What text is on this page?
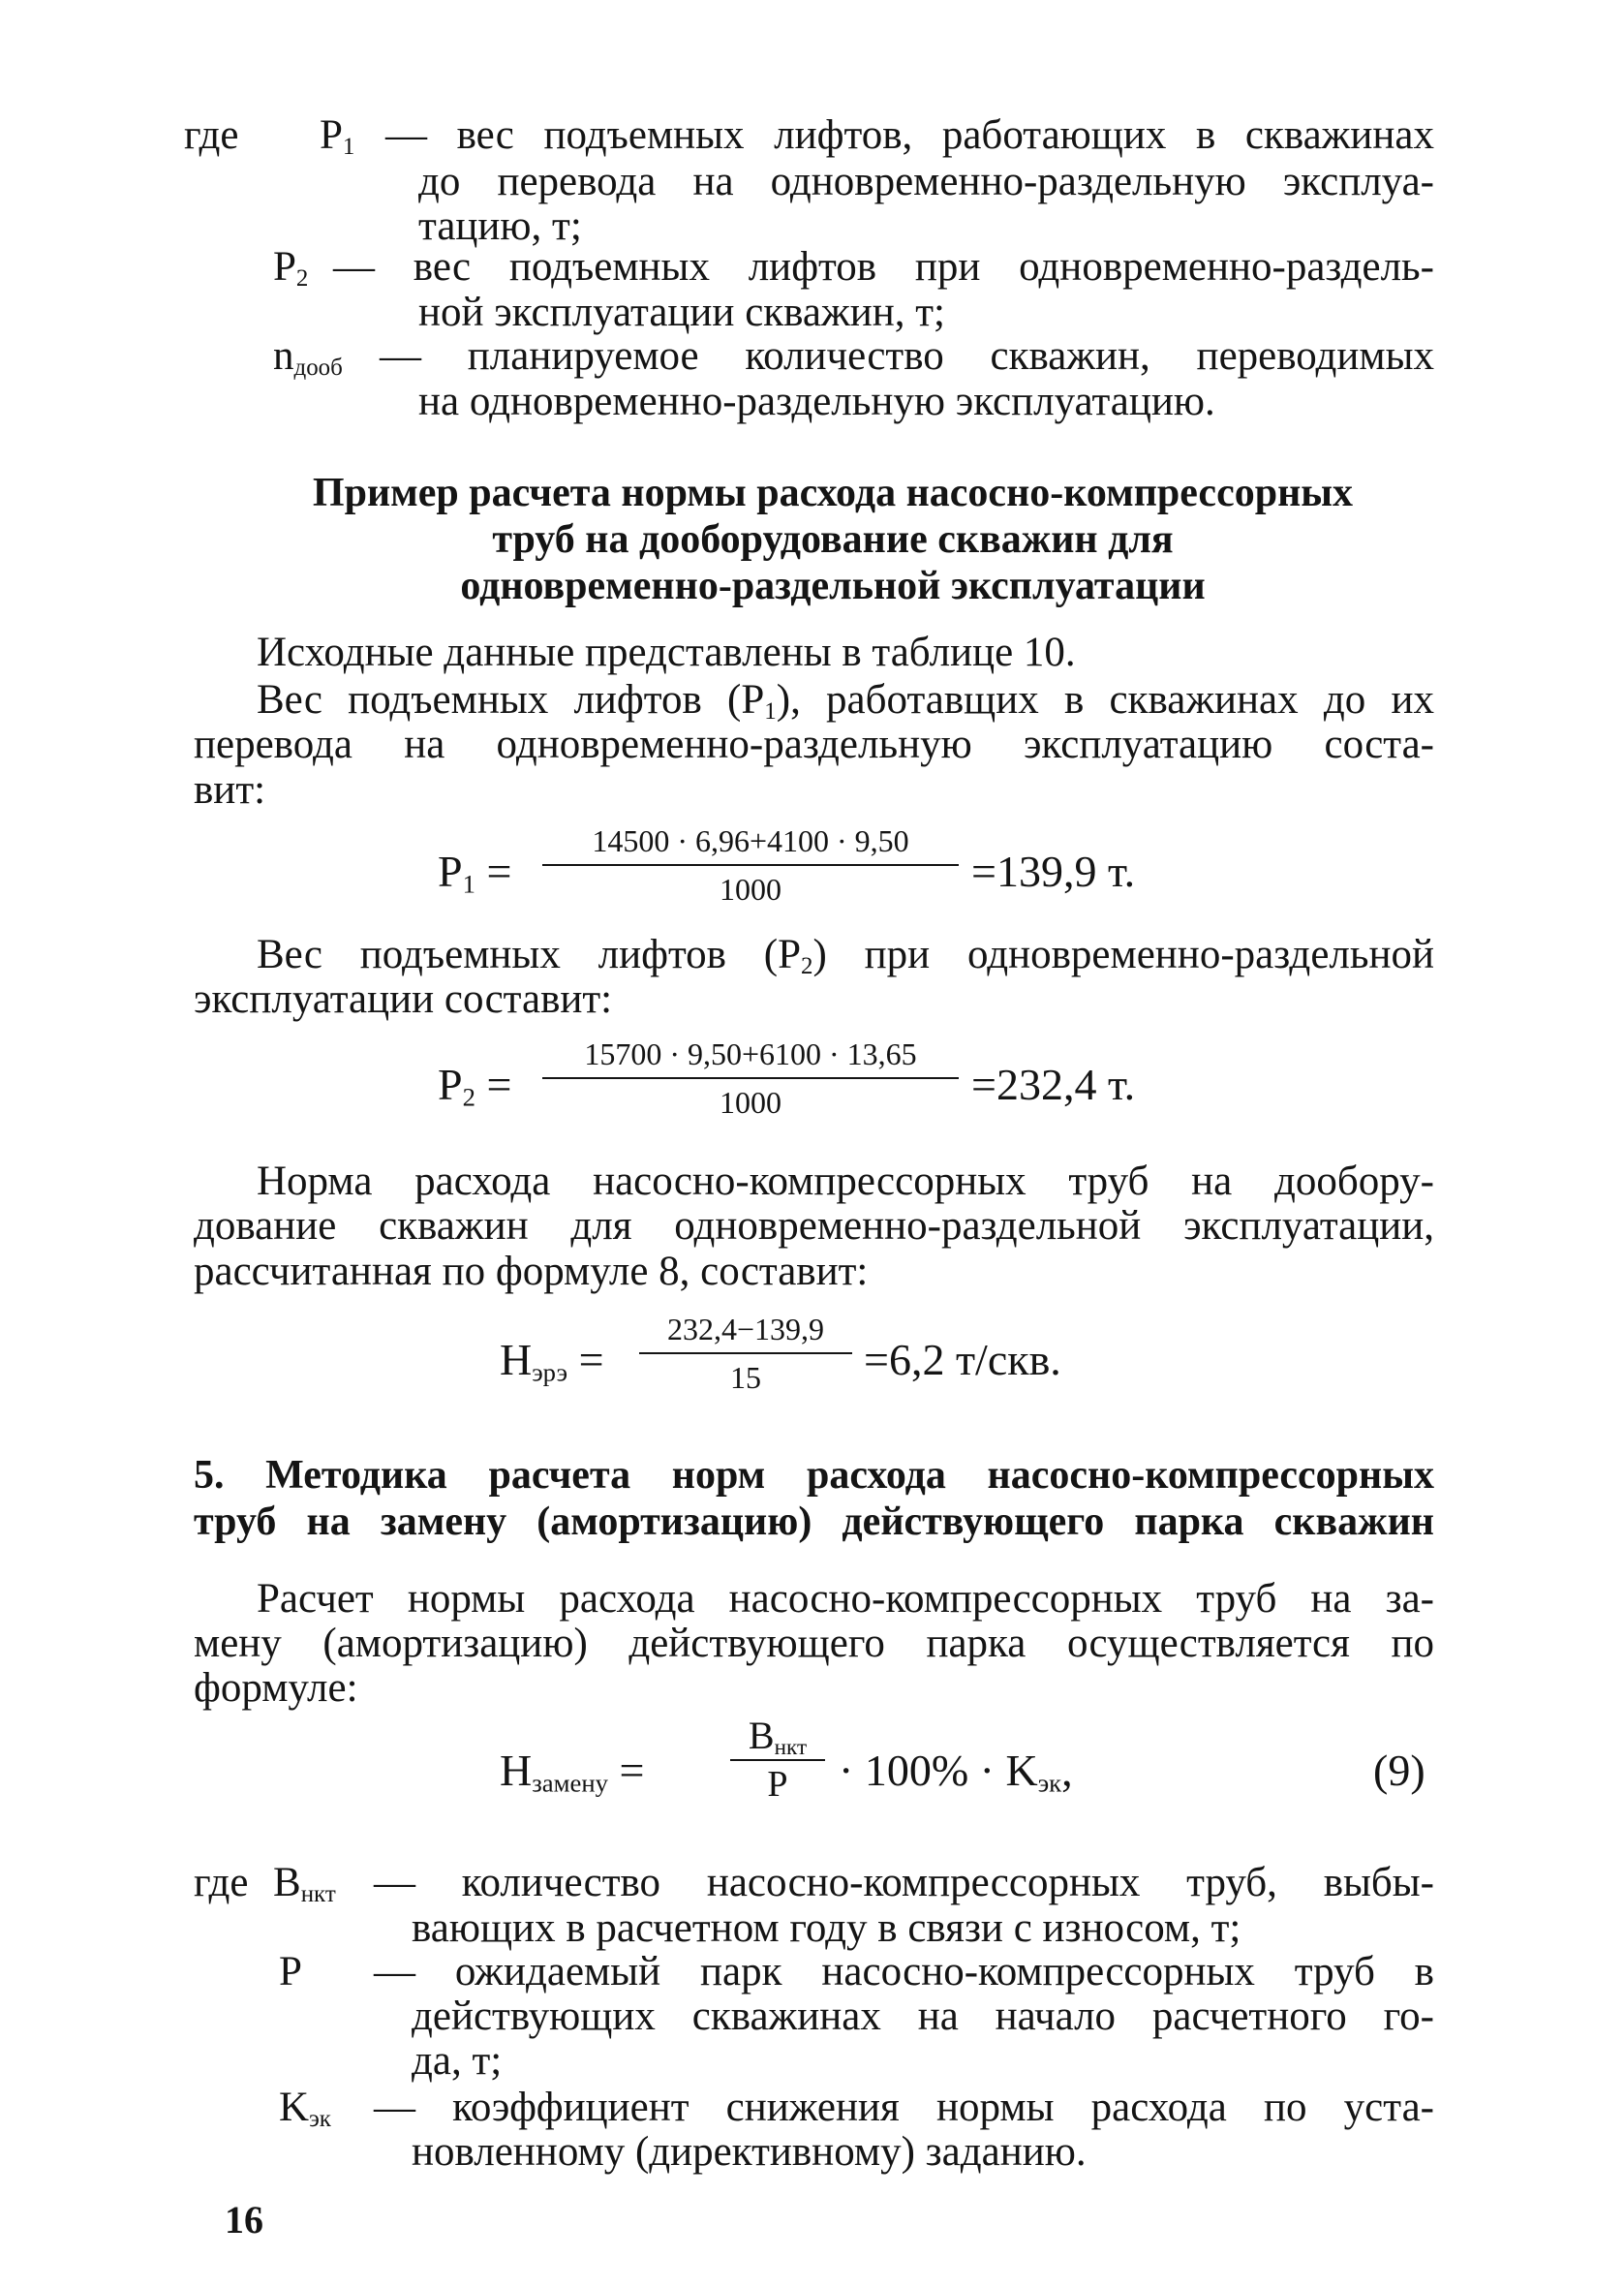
где $P_1$ — вес подъемных лифтов, работающих в скважинах
до перевода на одновременно-раздельную эксплуа-
тацию, т;
$P_2$ — вес подъемных лифтов при одновременно-раздель-
ной эксплуатации скважин, т;
$n_{дооб}$ — планируемое количество скважин, переводимых
на одновременно-раздельную эксплуатацию.
Пример расчета нормы расхода насосно-компрессорных
труб на дооборудование скважин для
одновременно-раздельной эксплуатации
Исходные данные представлены в таблице 10.
Вес подъемных лифтов $(P_1)$, работавщих в скважинах до их
перевода на одновременно-раздельную эксплуатацию соста-
вит:
$P_1$ =
14500 · 6,96+4100 · 9,50
1000	=139,9 т.
Вес подъемных лифтов $(P_2)$ при одновременно-раздельной
эксплуатации составит:
$P_2$ =
15700 · 9,50+6100 · 13,65
1000	=232,4 т.
Норма расхода насосно-компрессорных труб на дообору-
дование скважин для одновременно-раздельной эксплуатации,
рассчитанная по формуле 8, составит:
$H_{эрэ}$ =
232,4−139,9
15	=6,2 т/скв.
5. Методика расчета норм расхода насосно-компрессорных
труб на замену (амортизацию) действующего парка скважин
Расчет нормы расхода насосно-компрессорных труб на за-
мену (амортизацию) действующего парка осуществляется по
формуле:
$H_{замену}$ =
$B_{нкт}$
P	· $100\% \cdot K_{эк}$,	(9)
где $B_{нкт}$ — количество насосно-компрессорных труб, выбы-
вающих в расчетном году в связи с износом, т;
P — ожидаемый парк насосно-компрессорных труб в
действующих скважинах на начало расчетного го-
да, т;
$K_{эк}$ — коэффициент снижения нормы расхода по уста-
новленному (директивному) заданию.
16
